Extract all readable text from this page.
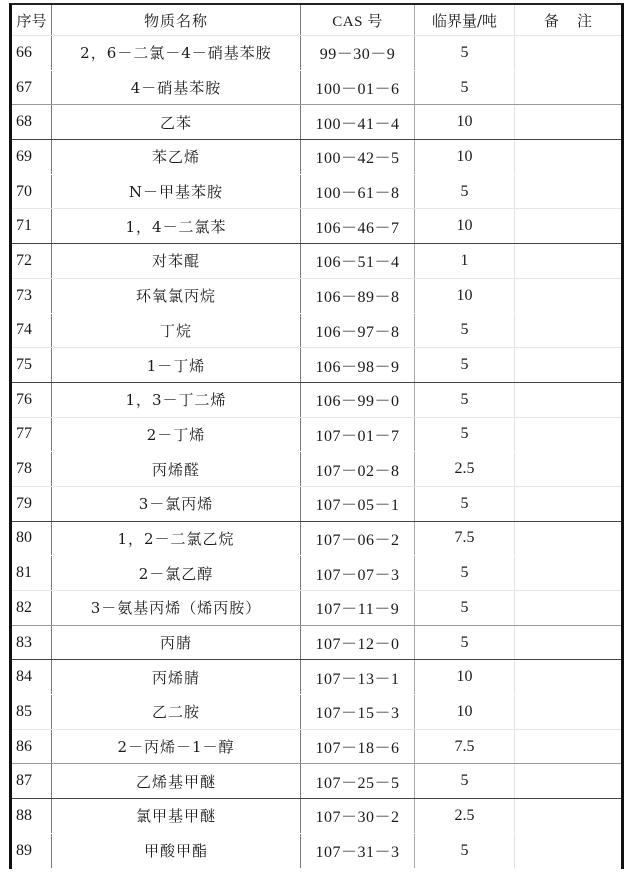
序号	物质名称	CAS 号	临界量/吨	备注
66	2，6－二氯－4－硝基苯胺	99－30－9	5
67	4－硝基苯胺	100－01－6	5
68	乙苯	100－41－4	10
69	苯乙烯	100－42－5	10
70	N－甲基苯胺	100－61－8	5
71	1，4－二氯苯	106－46－7	10
72	对苯醌	106－51－4	1
73	环氧氯丙烷	106－89－8	10
74	丁烷	106－97－8	5
75	1－丁烯	106－98－9	5
76	1，3－丁二烯	106－99－0	5
77	2－丁烯	107－01－7	5
78	丙烯醛	107－02－8	2.5
79	3－氯丙烯	107－05－1	5
80	1，2－二氯乙烷	107－06－2	7.5
81	2－氯乙醇	107－07－3	5
82	3－氨基丙烯（烯丙胺）	107－11－9	5
83	丙腈	107－12－0	5
84	丙烯腈	107－13－1	10
85	乙二胺	107－15－3	10
86	2－丙烯－1－醇	107－18－6	7.5
87	乙烯基甲醚	107－25－5	5
88	氯甲基甲醚	107－30－2	2.5
89	甲酸甲酯	107－31－3	5
